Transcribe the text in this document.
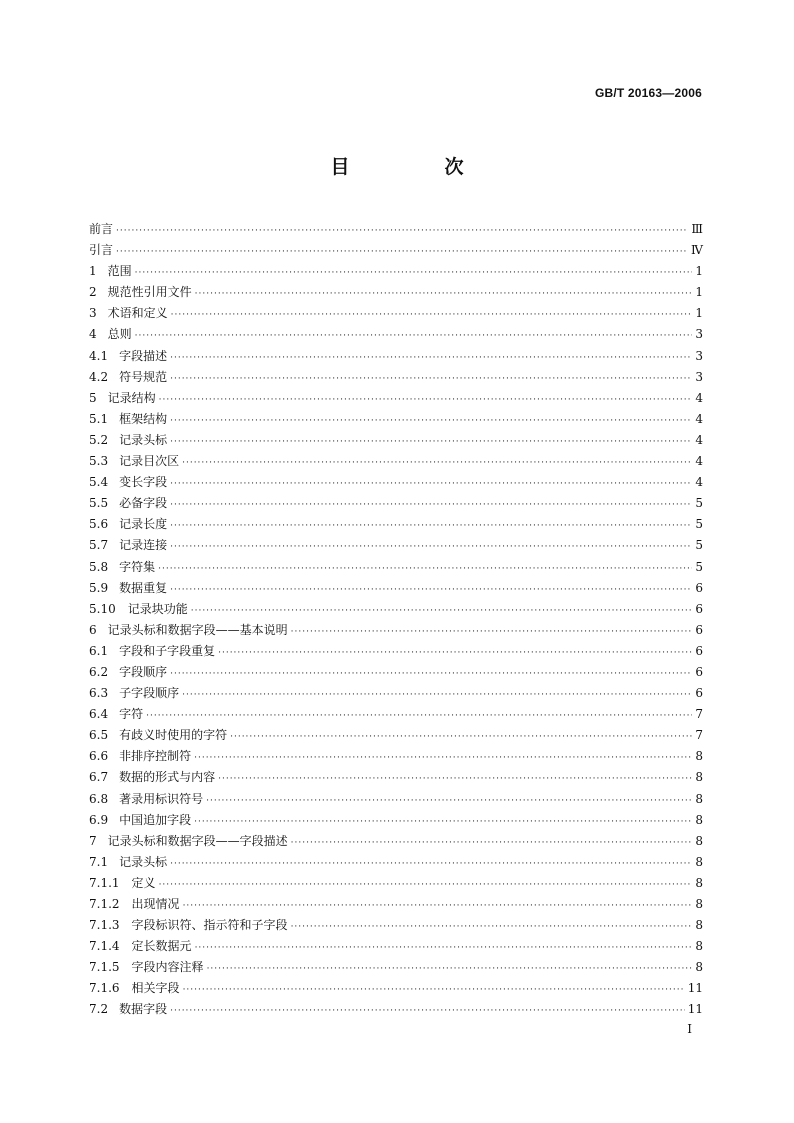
GB/T 20163—2006
目　次
前言 ·····	Ⅲ
引言 ·····	Ⅳ
1 范围 ·····	1
2 规范性引用文件 ·····	1
3 术语和定义 ·····	1
4 总则 ·····	3
4.1 字段描述 ·····	3
4.2 符号规范 ·····	3
5 记录结构 ·····	4
5.1 框架结构 ·····	4
5.2 记录头标 ·····	4
5.3 记录目次区 ·····	4
5.4 变长字段 ·····	4
5.5 必备字段 ·····	5
5.6 记录长度 ·····	5
5.7 记录连接 ·····	5
5.8 字符集 ·····	5
5.9 数据重复 ·····	6
5.10 记录块功能 ·····	6
6 记录头标和数据字段——基本说明 ·····	6
6.1 字段和子字段重复 ·····	6
6.2 字段顺序 ·····	6
6.3 子字段顺序 ·····	6
6.4 字符 ·····	7
6.5 有歧义时使用的字符 ·····	7
6.6 非排序控制符 ·····	8
6.7 数据的形式与内容 ·····	8
6.8 著录用标识符号 ·····	8
6.9 中国追加字段 ·····	8
7 记录头标和数据字段——字段描述 ·····	8
7.1 记录头标 ·····	8
7.1.1 定义 ·····	8
7.1.2 出现情况 ·····	8
7.1.3 字段标识符、指示符和子字段 ·····	8
7.1.4 定长数据元 ·····	8
7.1.5 字段内容注释 ·····	8
7.1.6 相关字段 ·····	11
7.2 数据字段 ·····	11
Ⅰ
